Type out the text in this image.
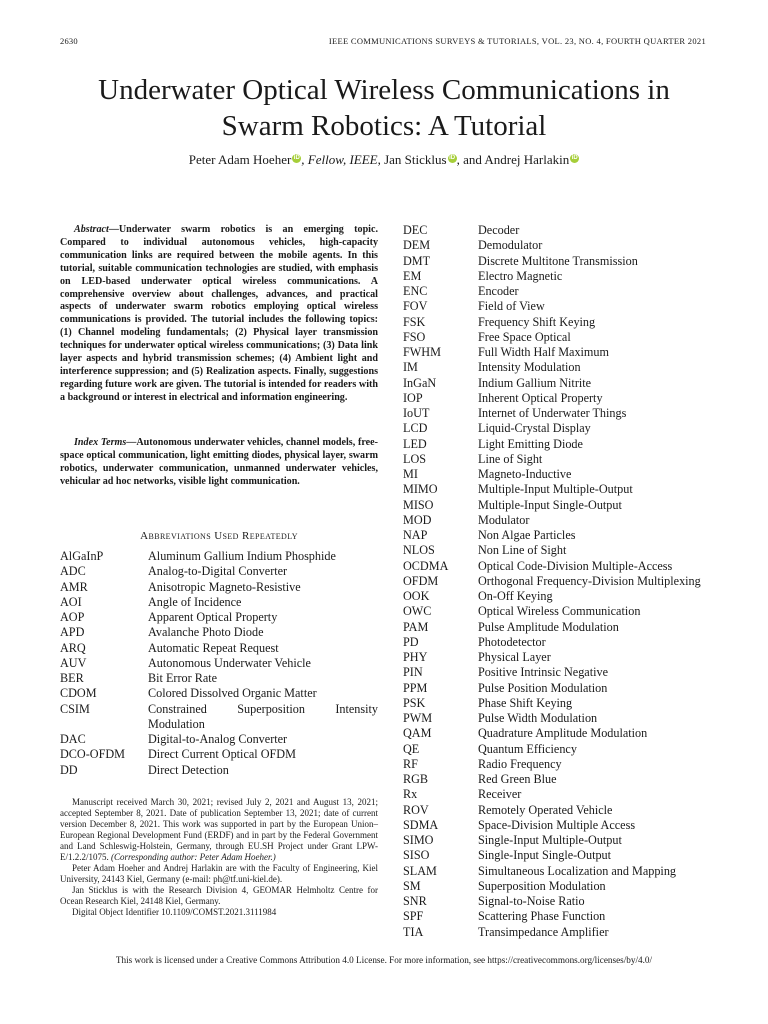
2630	IEEE COMMUNICATIONS SURVEYS & TUTORIALS, VOL. 23, NO. 4, FOURTH QUARTER 2021
Underwater Optical Wireless Communications in Swarm Robotics: A Tutorial
Peter Adam Hoeher iD , Fellow, IEEE, Jan Sticklus iD , and Andrej Harlakin iD

Abstract—Underwater swarm robotics is an emerging topic. Compared to individual autonomous vehicles, high-capacity communication links are required between the mobile agents. In this tutorial, suitable communication technologies are studied, with emphasis on LED-based underwater optical wireless communications. A comprehensive overview about challenges, advances, and practical aspects of underwater swarm robotics employing optical wireless communications is provided. The tutorial includes the following topics: (1) Channel modeling fundamentals; (2) Physical layer transmission techniques for underwater optical wireless communications; (3) Data link layer aspects and hybrid transmission schemes; (4) Ambient light and interference suppression; and (5) Realization aspects. Finally, suggestions regarding future work are given. The tutorial is intended for readers with a background or interest in electrical and information engineering.

Index Terms—Autonomous underwater vehicles, channel models, free-space optical communication, light emitting diodes, physical layer, swarm robotics, underwater communication, unmanned underwater vehicles, vehicular ad hoc networks, visible light communication.

Abbreviations Used Repeatedly
AlGaInP	Aluminum Gallium Indium Phosphide
ADC	Analog-to-Digital Converter
AMR	Anisotropic Magneto-Resistive
AOI	Angle of Incidence
AOP	Apparent Optical Property
APD	Avalanche Photo Diode
ARQ	Automatic Repeat Request
AUV	Autonomous Underwater Vehicle
BER	Bit Error Rate
CDOM	Colored Dissolved Organic Matter
CSIM	Constrained Superposition Intensity
Modulation
DAC	Digital-to-Analog Converter
DCO-OFDM	Direct Current Optical OFDM
DD	Direct Detection

Manuscript received March 30, 2021; revised July 2, 2021 and August 13, 2021; accepted September 8, 2021. Date of publication September 13, 2021; date of current version December 8, 2021. This work was supported in part by the European Union–European Regional Development Fund (ERDF) and in part by the Federal Government and Land Schleswig-Holstein, Germany, through EU.SH Project under Grant LPW-E/1.2.2/1075. (Corresponding author: Peter Adam Hoeher.)

Peter Adam Hoeher and Andrej Harlakin are with the Faculty of Engineering, Kiel University, 24143 Kiel, Germany (e-mail: ph@tf.uni-kiel.de).

Jan Sticklus is with the Research Division 4, GEOMAR Helmholtz Centre for Ocean Research Kiel, 24148 Kiel, Germany.

Digital Object Identifier 10.1109/COMST.2021.3111984

DEC	Decoder
DEM	Demodulator
DMT	Discrete Multitone Transmission
EM	Electro Magnetic
ENC	Encoder
FOV	Field of View
FSK	Frequency Shift Keying
FSO	Free Space Optical
FWHM	Full Width Half Maximum
IM	Intensity Modulation
InGaN	Indium Gallium Nitrite
IOP	Inherent Optical Property
IoUT	Internet of Underwater Things
LCD	Liquid-Crystal Display
LED	Light Emitting Diode
LOS	Line of Sight
MI	Magneto-Inductive
MIMO	Multiple-Input Multiple-Output
MISO	Multiple-Input Single-Output
MOD	Modulator
NAP	Non Algae Particles
NLOS	Non Line of Sight
OCDMA	Optical Code-Division Multiple-Access
OFDM	Orthogonal Frequency-Division Multiplexing
OOK	On-Off Keying
OWC	Optical Wireless Communication
PAM	Pulse Amplitude Modulation
PD	Photodetector
PHY	Physical Layer
PIN	Positive Intrinsic Negative
PPM	Pulse Position Modulation
PSK	Phase Shift Keying
PWM	Pulse Width Modulation
QAM	Quadrature Amplitude Modulation
QE	Quantum Efficiency
RF	Radio Frequency
RGB	Red Green Blue
Rx	Receiver
ROV	Remotely Operated Vehicle
SDMA	Space-Division Multiple Access
SIMO	Single-Input Multiple-Output
SISO	Single-Input Single-Output
SLAM	Simultaneous Localization and Mapping
SM	Superposition Modulation
SNR	Signal-to-Noise Ratio
SPF	Scattering Phase Function
TIA	Transimpedance Amplifier
This work is licensed under a Creative Commons Attribution 4.0 License. For more information, see https://creativecommons.org/licenses/by/4.0/
